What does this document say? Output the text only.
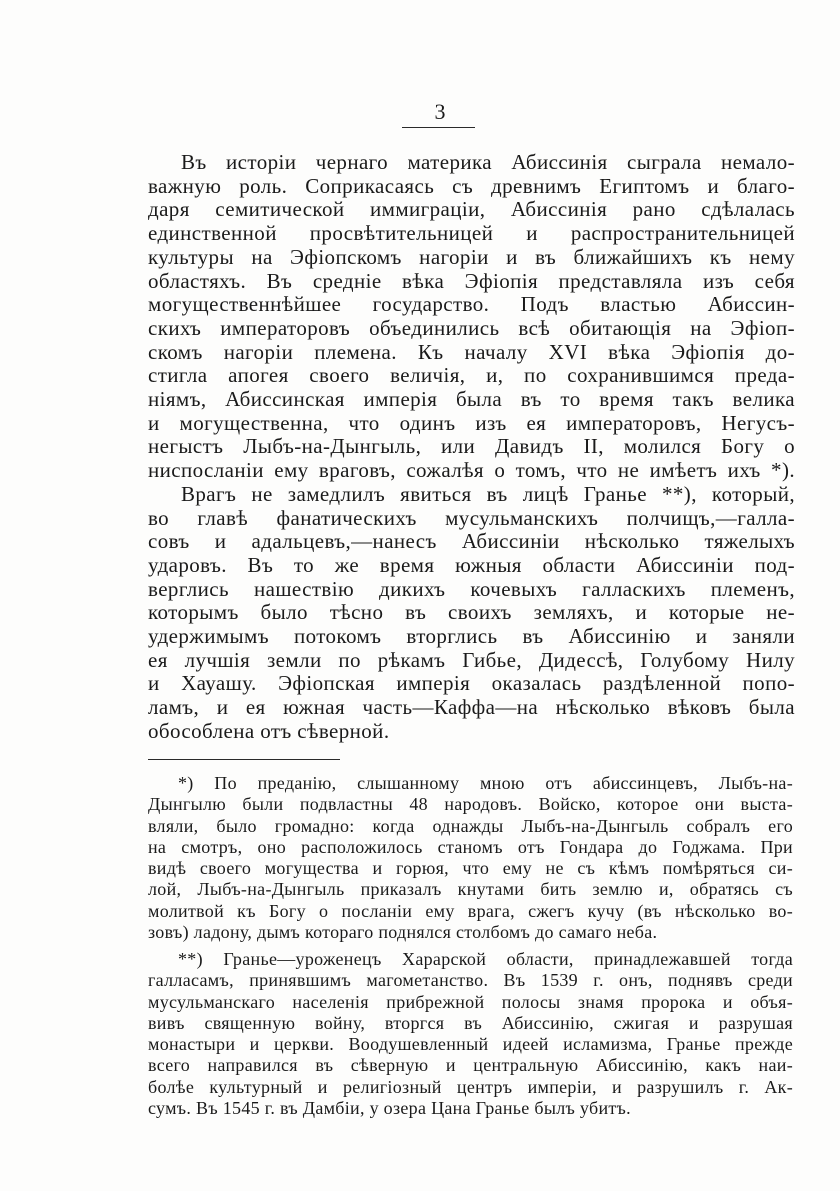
3
Въ исторіи чернаго материка Абиссинія сыграла немало-
важную роль. Соприкасаясь съ древнимъ Египтомъ и благо-
даря семитической иммиграціи, Абиссинія рано сдѣлалась
единственной просвѣтительницей и распространительницей
культуры на Эфіопскомъ нагоріи и въ ближайшихъ къ нему
областяхъ. Въ средніе вѣка Эфіопія представляла изъ себя
могущественнѣйшее государство. Подъ властью Абиссин-
скихъ императоровъ объединились всѣ обитающія на Эфіоп-
скомъ нагоріи племена. Къ началу XVI вѣка Эфіопія до-
стигла апогея своего величія, и, по сохранившимся преда-
ніямъ, Абиссинская имперія была въ то время такъ велика
и могущественна, что одинъ изъ ея императоровъ, Негусъ-
негыстъ Лыбъ-на-Дынгыль, или Давидъ II, молился Богу о
ниспосланіи ему враговъ, сожалѣя о томъ, что не имѣетъ ихъ *).
Врагъ не замедлилъ явиться въ лицѣ Гранье **), который,
во главѣ фанатическихъ мусульманскихъ полчищъ,—галла-
совъ и адальцевъ,—нанесъ Абиссиніи нѣсколько тяжелыхъ
ударовъ. Въ то же время южныя области Абиссиніи под-
верглись нашествію дикихъ кочевыхъ галласкихъ племенъ,
которымъ было тѣсно въ своихъ земляхъ, и которые не-
удержимымъ потокомъ вторглись въ Абиссинію и заняли
ея лучшія земли по рѣкамъ Гибье, Дидессѣ, Голубому Нилу
и Хауашу. Эфіопская имперія оказалась раздѣленной попо-
ламъ, и ея южная часть—Каффа—на нѣсколько вѣковъ была
обособлена отъ сѣверной.
*) По преданію, слышанному мною отъ абиссинцевъ, Лыбъ-на-
Дынгылю были подвластны 48 народовъ. Войско, которое они выста-
вляли, было громадно: когда однажды Лыбъ-на-Дынгыль собралъ его
на смотръ, оно расположилось станомъ отъ Гондара до Годжама. При
видѣ своего могущества и горюя, что ему не съ кѣмъ помѣряться си-
лой, Лыбъ-на-Дынгыль приказалъ кнутами бить землю и, обратясь съ
молитвой къ Богу о посланіи ему врага, сжегъ кучу (въ нѣсколько во-
зовъ) ладону, дымъ котораго поднялся столбомъ до самаго неба.
**) Гранье—уроженецъ Харарской области, принадлежавшей тогда
галласамъ, принявшимъ магометанство. Въ 1539 г. онъ, поднявъ среди
мусульманскаго населенія прибрежной полосы знамя пророка и объя-
вивъ священную войну, вторгся въ Абиссинію, сжигая и разрушая
монастыри и церкви. Воодушевленный идеей исламизма, Гранье прежде
всего направился въ сѣверную и центральную Абиссинію, какъ наи-
болѣе культурный и религіозный центръ имперіи, и разрушилъ г. Ак-
сумъ. Въ 1545 г. въ Дамбіи, у озера Цана Гранье былъ убитъ.
